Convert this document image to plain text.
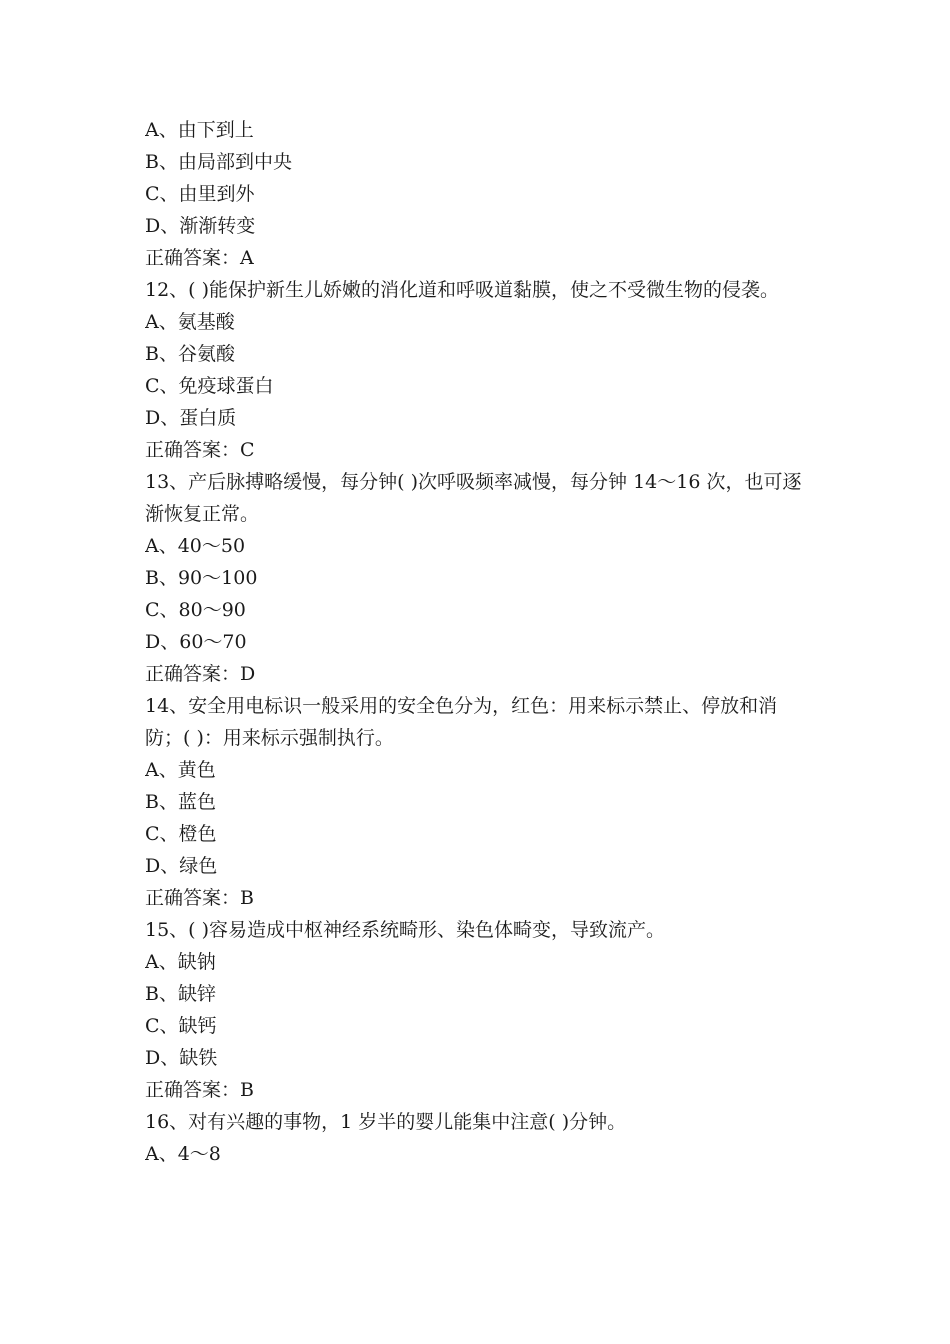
A、由下到上
B、由局部到中央
C、由里到外
D、渐渐转变
正确答案：A
12、( )能保护新生儿娇嫩的消化道和呼吸道黏膜，使之不受微生物的侵袭。
A、氨基酸
B、谷氨酸
C、免疫球蛋白
D、蛋白质
正确答案：C
13、产后脉搏略缓慢，每分钟( )次呼吸频率减慢，每分钟 14～16 次，也可逐渐恢复正常。
A、40～50
B、90～100
C、80～90
D、60～70
正确答案：D
14、安全用电标识一般采用的安全色分为，红色：用来标示禁止、停放和消防；( )：用来标示强制执行。
A、黄色
B、蓝色
C、橙色
D、绿色
正确答案：B
15、( )容易造成中枢神经系统畸形、染色体畸变，导致流产。
A、缺钠
B、缺锌
C、缺钙
D、缺铁
正确答案：B
16、对有兴趣的事物，1 岁半的婴儿能集中注意( )分钟。
A、4～8
